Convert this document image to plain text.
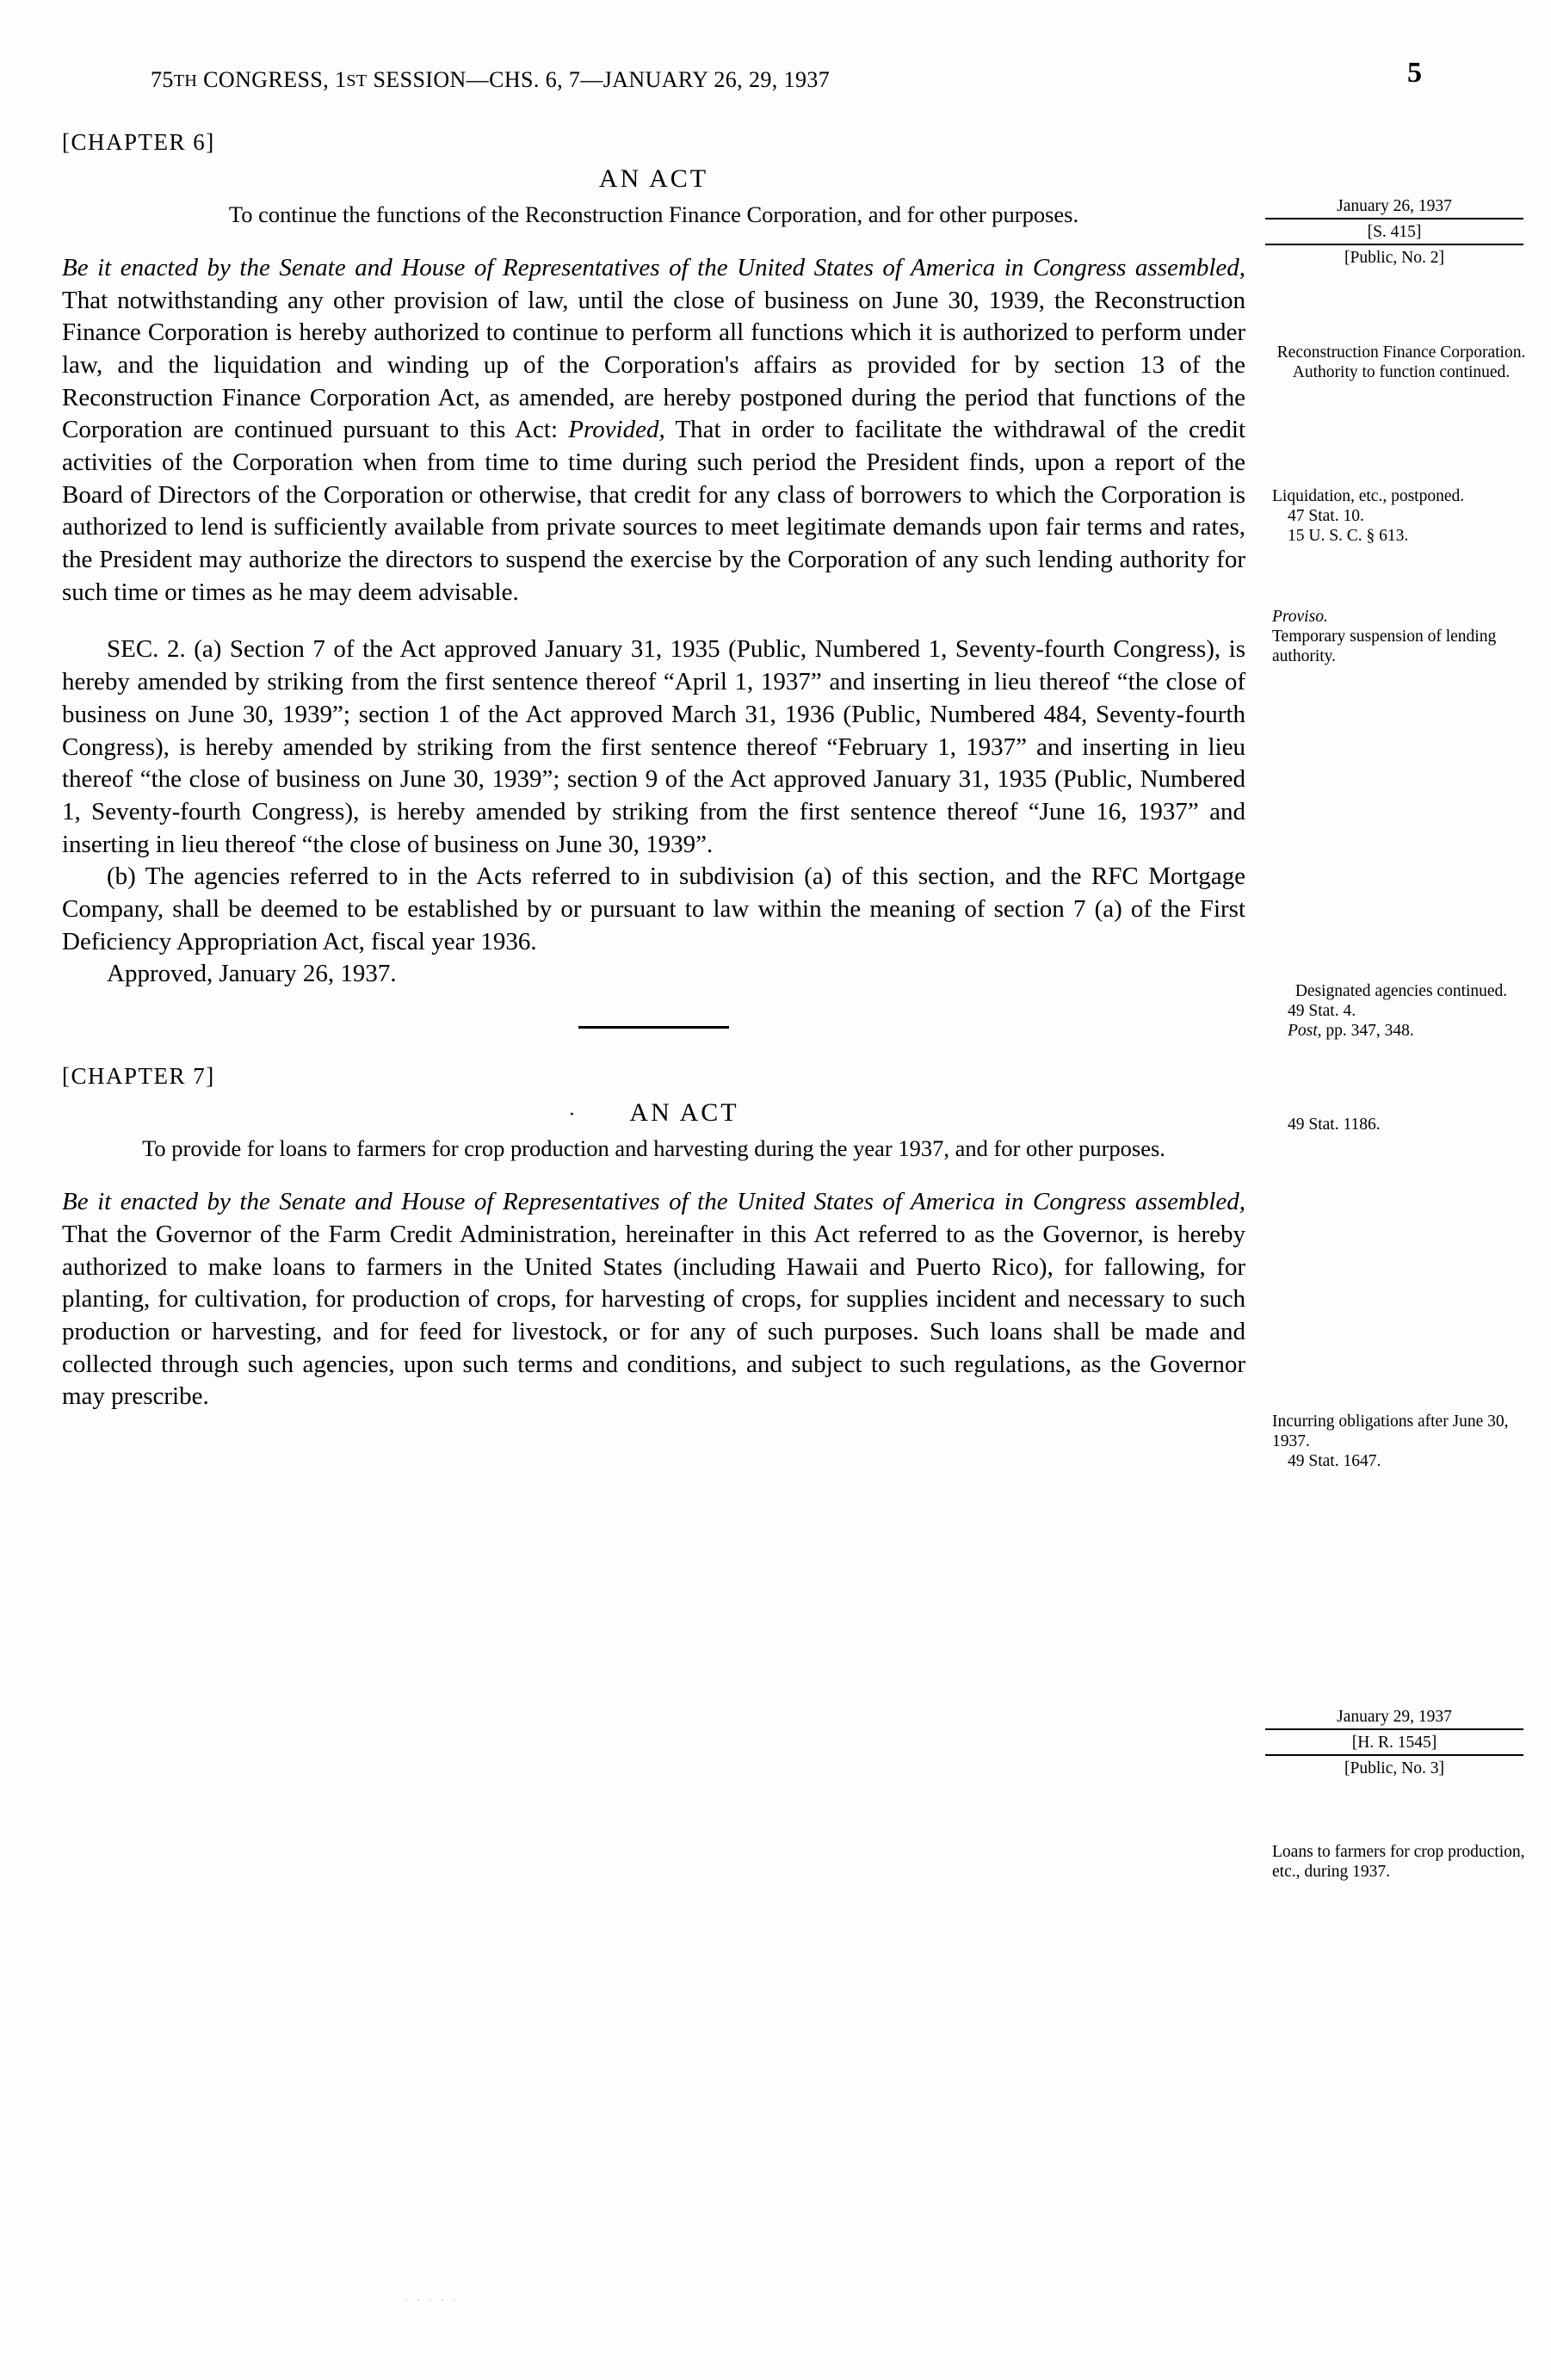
75TH CONGRESS, 1ST SESSION—CHS. 6, 7—JANUARY 26, 29, 1937	5
[CHAPTER 6]
AN ACT
To continue the functions of the Reconstruction Finance Corporation, and for other purposes.

Be it enacted by the Senate and House of Representatives of the United States of America in Congress assembled, That notwithstanding any other provision of law, until the close of business on June 30, 1939, the Reconstruction Finance Corporation is hereby authorized to continue to perform all functions which it is authorized to perform under law, and the liquidation and winding up of the Corporation's affairs as provided for by section 13 of the Reconstruction Finance Corporation Act, as amended, are hereby postponed during the period that functions of the Corporation are continued pursuant to this Act: Provided, That in order to facilitate the withdrawal of the credit activities of the Corporation when from time to time during such period the President finds, upon a report of the Board of Directors of the Corporation or otherwise, that credit for any class of borrowers to which the Corporation is authorized to lend is sufficiently available from private sources to meet legitimate demands upon fair terms and rates, the President may authorize the directors to suspend the exercise by the Corporation of any such lending authority for such time or times as he may deem advisable.

SEC. 2. (a) Section 7 of the Act approved January 31, 1935 (Public, Numbered 1, Seventy-fourth Congress), is hereby amended by striking from the first sentence thereof “April 1, 1937” and inserting in lieu thereof “the close of business on June 30, 1939”; section 1 of the Act approved March 31, 1936 (Public, Numbered 484, Seventy-fourth Congress), is hereby amended by striking from the first sentence thereof “February 1, 1937” and inserting in lieu thereof “the close of business on June 30, 1939”; section 9 of the Act approved January 31, 1935 (Public, Numbered 1, Seventy-fourth Congress), is hereby amended by striking from the first sentence thereof “June 16, 1937” and inserting in lieu thereof “the close of business on June 30, 1939”.

(b) The agencies referred to in the Acts referred to in subdivision (a) of this section, and the RFC Mortgage Company, shall be deemed to be established by or pursuant to law within the meaning of section 7 (a) of the First Deficiency Appropriation Act, fiscal year 1936.

Approved, January 26, 1937.
[CHAPTER 7]
· AN ACT
To provide for loans to farmers for crop production and harvesting during the year 1937, and for other purposes.

Be it enacted by the Senate and House of Representatives of the United States of America in Congress assembled, That the Governor of the Farm Credit Administration, hereinafter in this Act referred to as the Governor, is hereby authorized to make loans to farmers in the United States (including Hawaii and Puerto Rico), for fallowing, for planting, for cultivation, for production of crops, for harvesting of crops, for supplies incident and necessary to such production or harvesting, and for feed for livestock, or for any of such purposes. Such loans shall be made and collected through such agencies, upon such terms and conditions, and subject to such regulations, as the Governor may prescribe.

January 26, 1937
[S. 415]
[Public, No. 2]
Reconstruction Finance Corporation. Authority to function continued.
Liquidation, etc., postponed.
47 Stat. 10.
15 U. S. C. § 613.
Proviso.
Temporary suspension of lending authority.
Designated agencies continued.
49 Stat. 4.
Post, pp. 347, 348.
49 Stat. 1186.
Incurring obligations after June 30, 1937.
49 Stat. 1647.
January 29, 1937
[H. R. 1545]
[Public, No. 3]
Loans to farmers for crop production, etc., during 1937.
. . . . .
